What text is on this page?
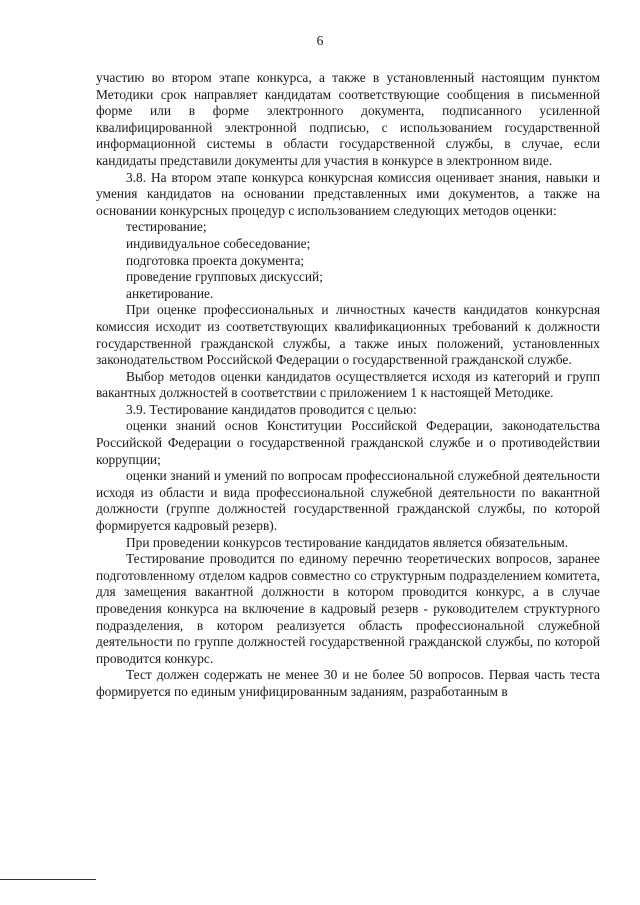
6

участию во втором этапе конкурса, а также в установленный настоящим пунктом Методики срок направляет кандидатам соответствующие сообщения в письменной форме или в форме электронного документа, подписанного усиленной квалифицированной электронной подписью, с использованием государственной информационной системы в области государственной службы, в случае, если кандидаты представили документы для участия в конкурсе в электронном виде.

3.8. На втором этапе конкурса конкурсная комиссия оценивает знания, навыки и умения кандидатов на основании представленных ими документов, а также на основании конкурсных процедур с использованием следующих методов оценки:

тестирование;

индивидуальное собеседование;

подготовка проекта документа;

проведение групповых дискуссий;

анкетирование.

При оценке профессиональных и личностных качеств кандидатов конкурсная комиссия исходит из соответствующих квалификационных требований к должности государственной гражданской службы, а также иных положений, установленных законодательством Российской Федерации о государственной гражданской службе.

Выбор методов оценки кандидатов осуществляется исходя из категорий и групп вакантных должностей в соответствии с приложением 1 к настоящей Методике.

3.9. Тестирование кандидатов проводится с целью:

оценки знаний основ Конституции Российской Федерации, законодательства Российской Федерации о государственной гражданской службе и о противодействии коррупции;

оценки знаний и умений по вопросам профессиональной служебной деятельности исходя из области и вида профессиональной служебной деятельности по вакантной должности (группе должностей государственной гражданской службы, по которой формируется кадровый резерв).

При проведении конкурсов тестирование кандидатов является обязательным.

Тестирование проводится по единому перечню теоретических вопросов, заранее подготовленному отделом кадров совместно со структурным подразделением комитета, для замещения вакантной должности в котором проводится конкурс, а в случае проведения конкурса на включение в кадровый резерв - руководителем структурного подразделения, в котором реализуется область профессиональной служебной деятельности по группе должностей государственной гражданской службы, по которой проводится конкурс.

Тест должен содержать не менее 30 и не более 50 вопросов. Первая часть теста формируется по единым унифицированным заданиям, разработанным в
